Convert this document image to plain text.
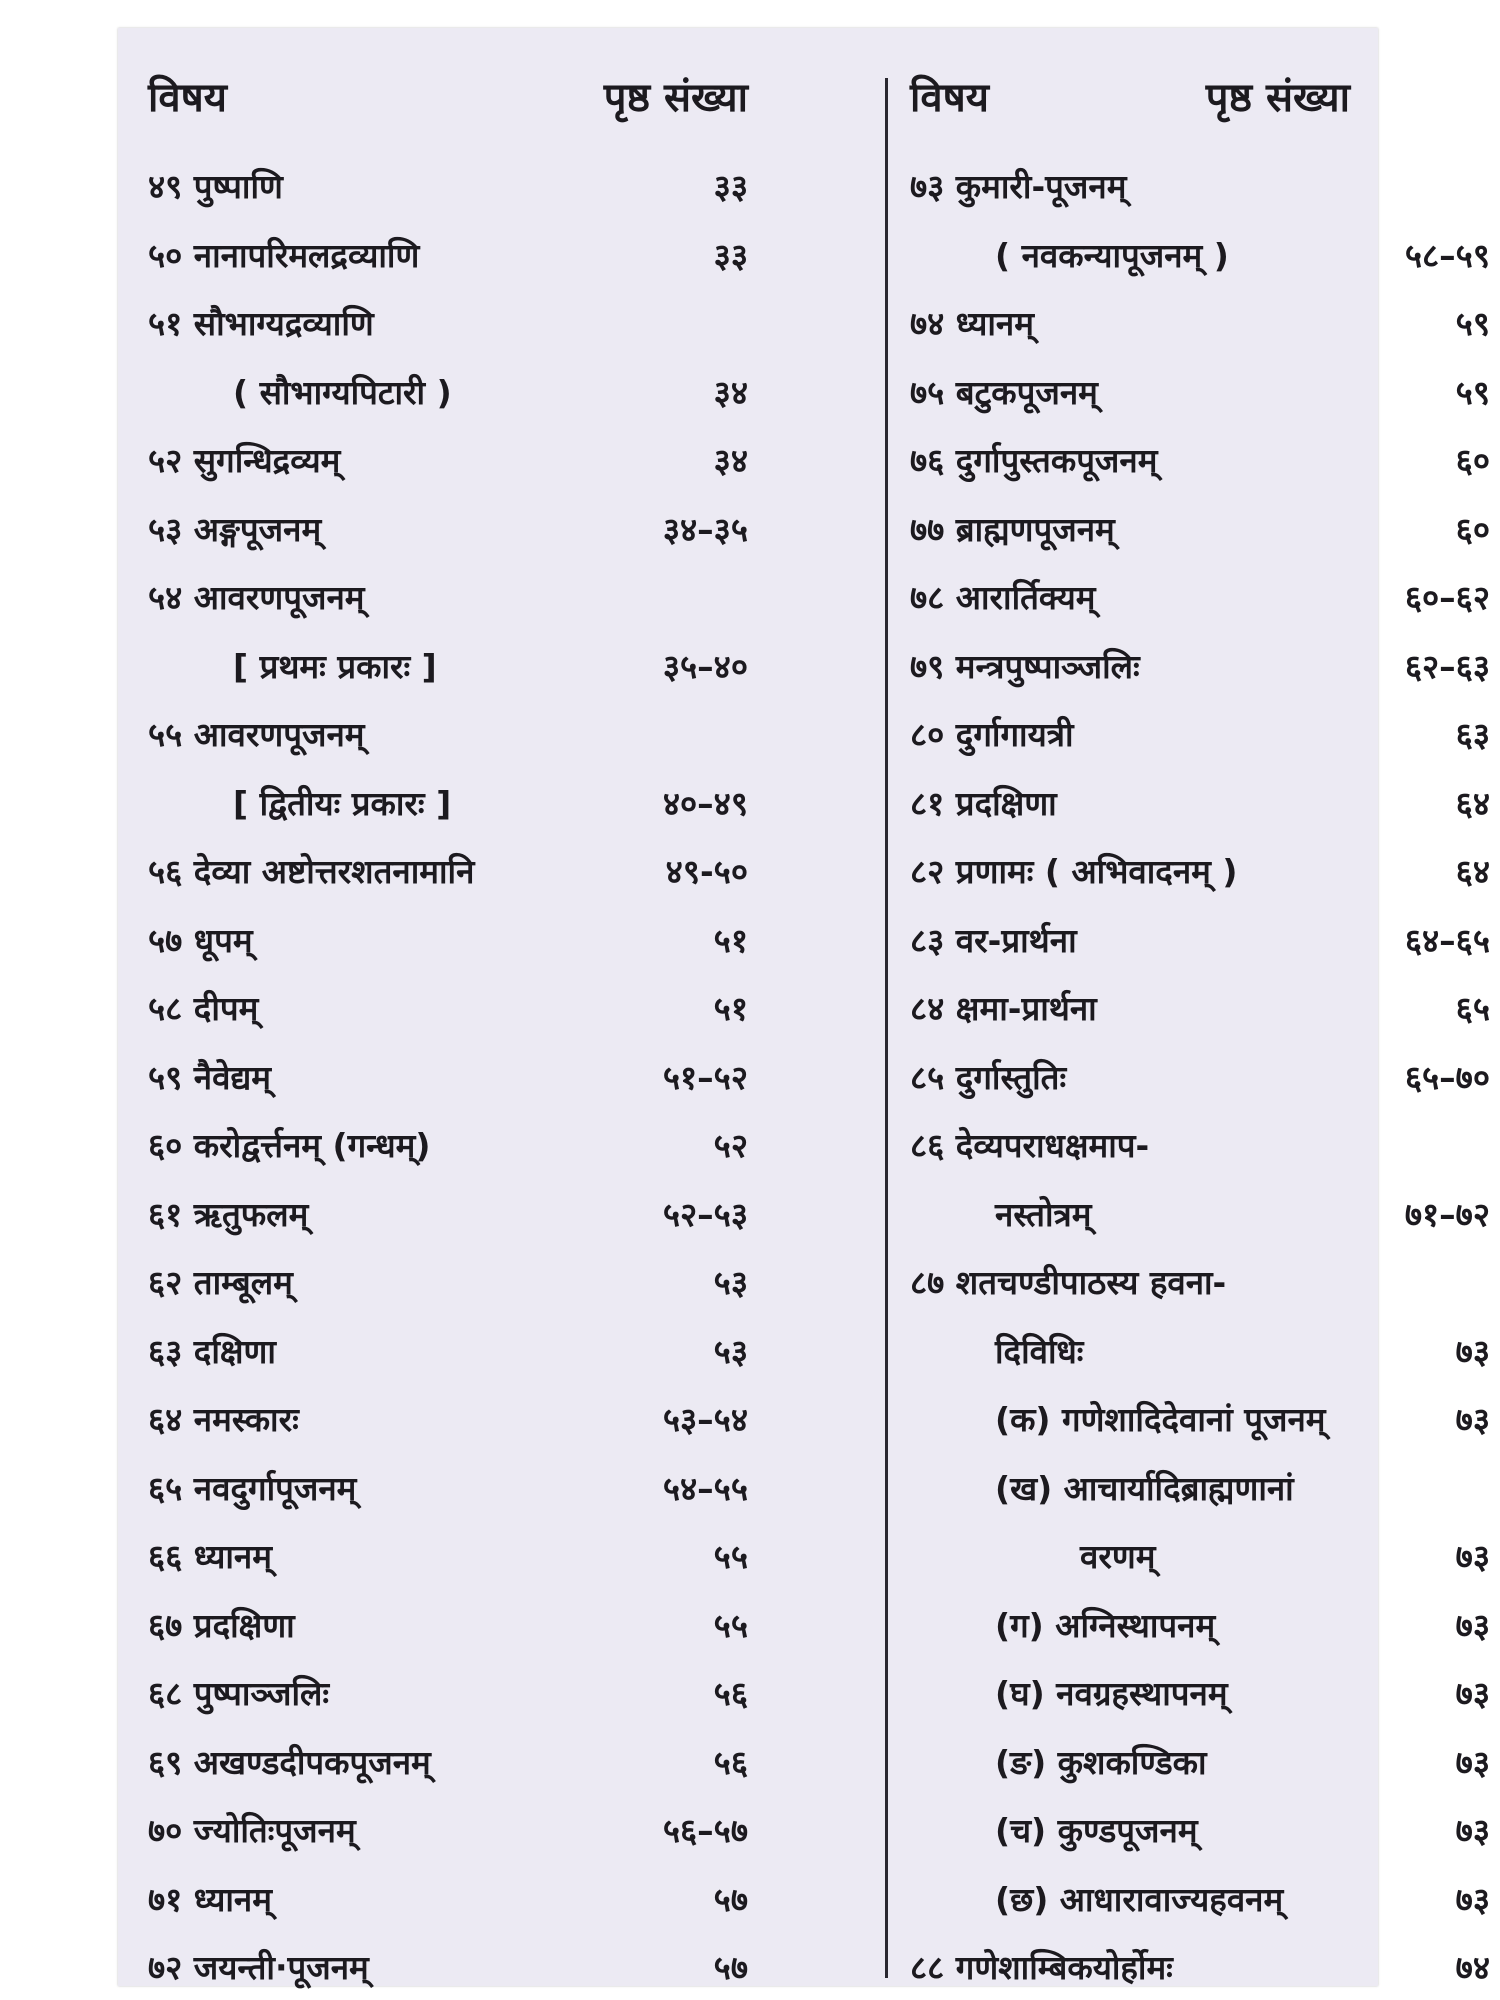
विषय	पृष्ठ संख्या
४९ पुष्पाणि	३३
५० नानापरिमलद्रव्याणि	३३
५१ सौभाग्यद्रव्याणि
( सौभाग्यपिटारी )	३४
५२ सुगन्धिद्रव्यम्	३४
५३ अङ्गपूजनम्	३४–३५
५४ आवरणपूजनम्
[ प्रथमः प्रकारः ]	३५–४०
५५ आवरणपूजनम्
[ द्वितीयः प्रकारः ]	४०–४९
५६ देव्या अष्टोत्तरशतनामानि	४९-५०
५७ धूपम्	५१
५८ दीपम्	५१
५९ नैवेद्यम्	५१–५२
६० करोद्वर्त्तनम् (गन्धम्)	५२
६१ ऋतुफलम्	५२–५३
६२ ताम्बूलम्	५३
६३ दक्षिणा	५३
६४ नमस्कारः	५३–५४
६५ नवदुर्गापूजनम्	५४–५५
६६ ध्यानम्	५५
६७ प्रदक्षिणा	५५
६८ पुष्पाञ्जलिः	५६
६९ अखण्डदीपकपूजनम्	५६
७० ज्योतिःपूजनम्	५६–५७
७१ ध्यानम्	५७
७२ जयन्ती·पूजनम्	५७
विषय	पृष्ठ संख्या
७३ कुमारी-पूजनम्
( नवकन्यापूजनम् )	५८–५९
७४ ध्यानम्	५९
७५ बटुकपूजनम्	५९
७६ दुर्गापुस्तकपूजनम्	६०
७७ ब्राह्मणपूजनम्	६०
७८ आरार्तिक्यम्	६०–६२
७९ मन्त्रपुष्पाञ्जलिः	६२–६३
८० दुर्गागायत्री	६३
८१ प्रदक्षिणा	६४
८२ प्रणामः ( अभिवादनम् )	६४
८३ वर-प्रार्थना	६४–६५
८४ क्षमा-प्रार्थना	६५
८५ दुर्गास्तुतिः	६५–७०
८६ देव्यपराधक्षमाप-
नस्तोत्रम्	७१–७२
८७ शतचण्डीपाठस्य हवना-
दिविधिः	७३
(क) गणेशादिदेवानां पूजनम्	७३
(ख) आचार्यादिब्राह्मणानां
वरणम्	७३
(ग) अग्निस्थापनम्	७३
(घ) नवग्रहस्थापनम्	७३
(ङ) कुशकण्डिका	७३
(च) कुण्डपूजनम्	७३
(छ) आधारावाज्यहवनम्	७३
८८ गणेशाम्बिकयोर्होमः	७४
